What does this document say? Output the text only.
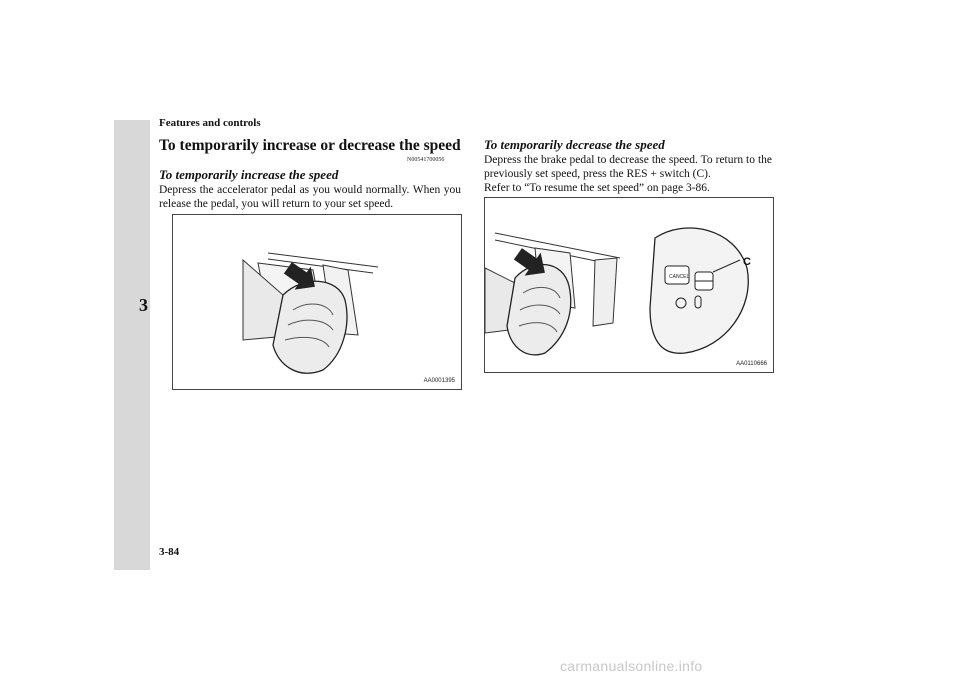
3
Features and controls
To temporarily increase or decrease the speed
N00541700056
To temporarily increase the speed
Depress the accelerator pedal as you would normally. When you release the pedal, you will return to your set speed.
AA0001395
To temporarily decrease the speed
Depress the brake pedal to decrease the speed. To return to the previously set speed, press the RES + switch (C).
Refer to “To resume the set speed” on page 3-86.
CANCEL
C
AA0110666
3-84
carmanualsonline.info
